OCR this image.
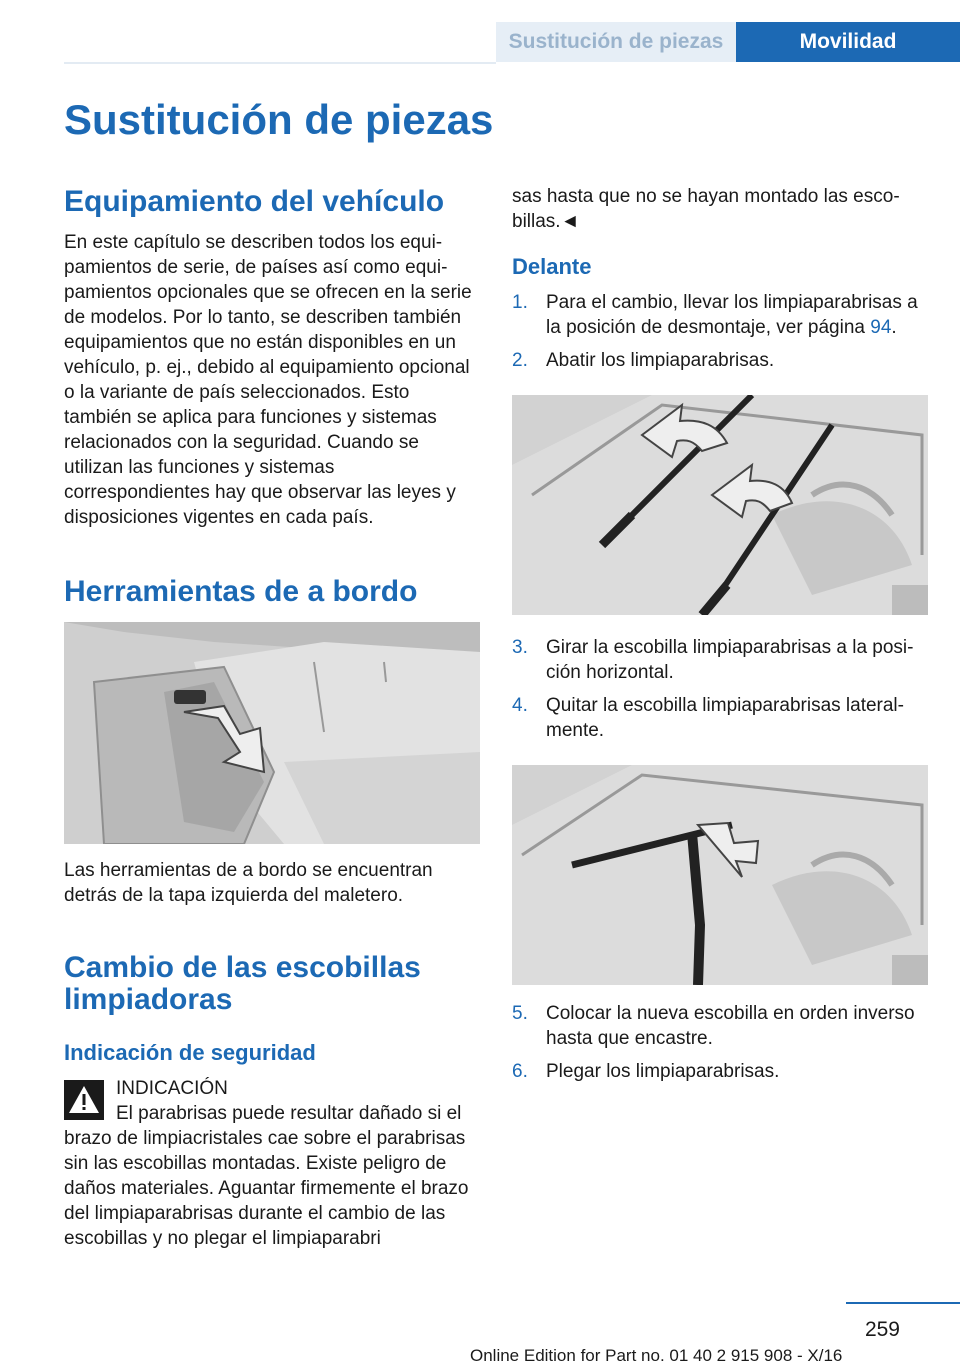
Sustitución de piezas	Movilidad
Sustitución de piezas
Equipamiento del vehículo

En este capítulo se describen todos los equipamientos de serie, de países así como equipamientos opcionales que se ofrecen en la serie de modelos. Por lo tanto, se describen también equipamientos que no están disponibles en un vehículo, p. ej., debido al equipamiento opcional o la variante de país seleccionados. Esto también se aplica para funciones y sistemas relacionados con la seguridad. Cuando se utilizan las funciones y sistemas correspondientes hay que observar las leyes y disposiciones vigentes en cada país.

Herramientas de a bordo

Las herramientas de a bordo se encuentran detrás de la tapa izquierda del maletero.

Cambio de las escobillas limpiadoras
Indicación de seguridad
INDICACIÓN

El parabrisas puede resultar dañado si el brazo de limpiacristales cae sobre el parabrisas sin las escobillas montadas. Existe peligro de daños materiales. Aguantar firmemente el brazo del limpiaparabrisas durante el cambio de las escobillas y no plegar el limpiaparabri

sas hasta que no se hayan montado las escobillas.◄

Delante
1. Para el cambio, llevar los limpiaparabrisas a la posición de desmontaje, ver página 94.
2. Abatir los limpiaparabrisas.
3. Girar la escobilla limpiaparabrisas a la posición horizontal.
4. Quitar la escobilla limpiaparabrisas lateralmente.
5. Colocar la nueva escobilla en orden inverso hasta que encastre.
6. Plegar los limpiaparabrisas.
259
Online Edition for Part no. 01 40 2 915 908 - X/16
